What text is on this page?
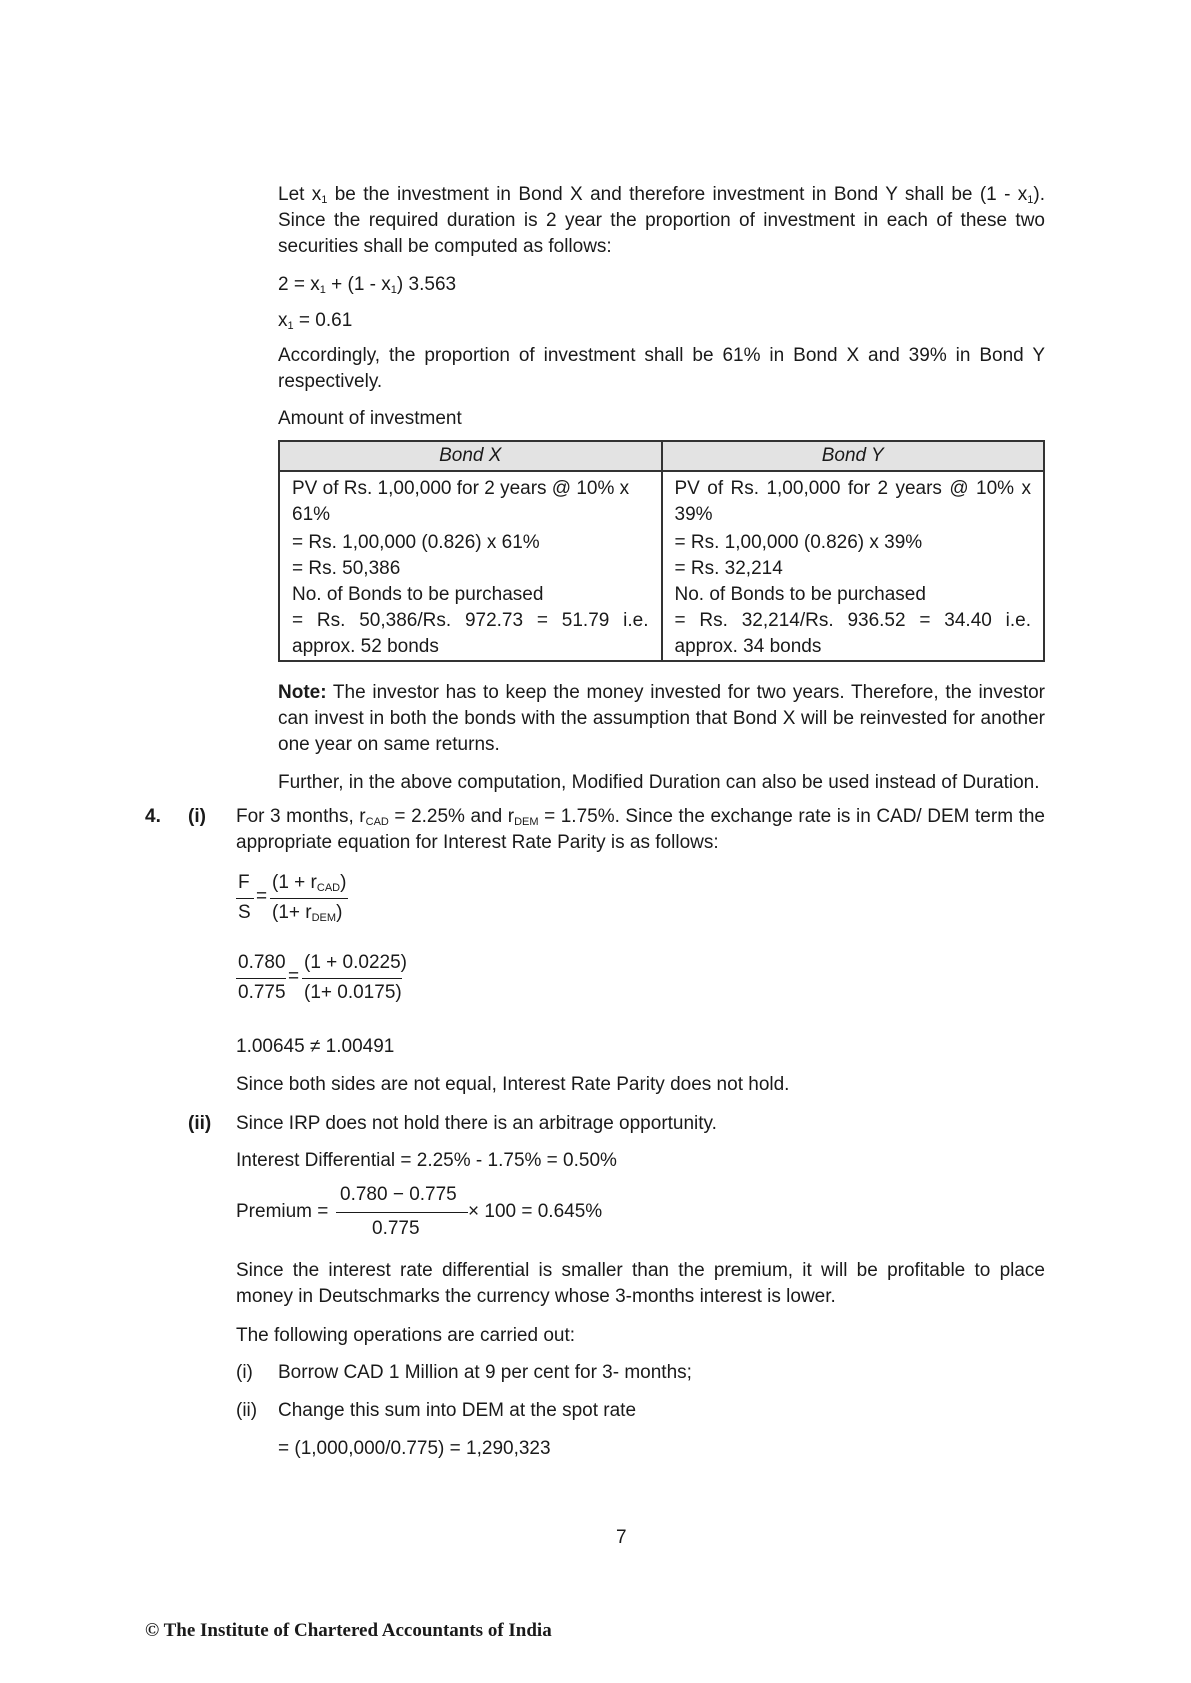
Let $x_1$ be the investment in Bond X and therefore investment in Bond Y shall be $(1 - x_1)$. Since the required duration is 2 year the proportion of investment in each of these two securities shall be computed as follows:

$2 = x_1 + (1 - x_1)$ 3.563

$x_1 = 0.61$

Accordingly, the proportion of investment shall be 61% in Bond X and 39% in Bond Y respectively.

Amount of investment

Bond X	Bond Y
PV of Rs. 1,00,000 for 2 years @ 10% x 61%	PV of Rs. 1,00,000 for 2 years @ 10% x 39%
= Rs. 1,00,000 (0.826) x 61%	= Rs. 1,00,000 (0.826) x 39%
= Rs. 50,386	= Rs. 32,214
No. of Bonds to be purchased	No. of Bonds to be purchased
= Rs. 50,386/Rs. 972.73 = 51.79 i.e. approx. 52 bonds	= Rs. 32,214/Rs. 936.52 = 34.40 i.e. approx. 34 bonds

Note: The investor has to keep the money invested for two years. Therefore, the investor can invest in both the bonds with the assumption that Bond X will be reinvested for another one year on same returns.

Further, in the above computation, Modified Duration can also be used instead of Duration.

4. (i) For 3 months, $r_{CAD} = 2.25\%$ and $r_{DEM} = 1.75\%$. Since the exchange rate is in CAD/ DEM term the appropriate equation for Interest Rate Parity is as follows:

F
S
=
$(1 + r_{CAD})$
$(1+ r_{DEM})$
0.780
0.775
=
(1 + 0.0225)
(1+ 0.0175)

1.00645 ≠ 1.00491

Since both sides are not equal, Interest Rate Parity does not hold.

(ii) Since IRP does not hold there is an arbitrage opportunity.

Interest Differential = 2.25% - 1.75% = 0.50%

Premium =
0.780 − 0.775
0.775
× 100 = 0.645%

Since the interest rate differential is smaller than the premium, it will be profitable to place money in Deutschmarks the currency whose 3-months interest is lower.

The following operations are carried out:

(i) Borrow CAD 1 Million at 9 per cent for 3- months;

(ii) Change this sum into DEM at the spot rate

= (1,000,000/0.775) = 1,290,323

7
© The Institute of Chartered Accountants of India
